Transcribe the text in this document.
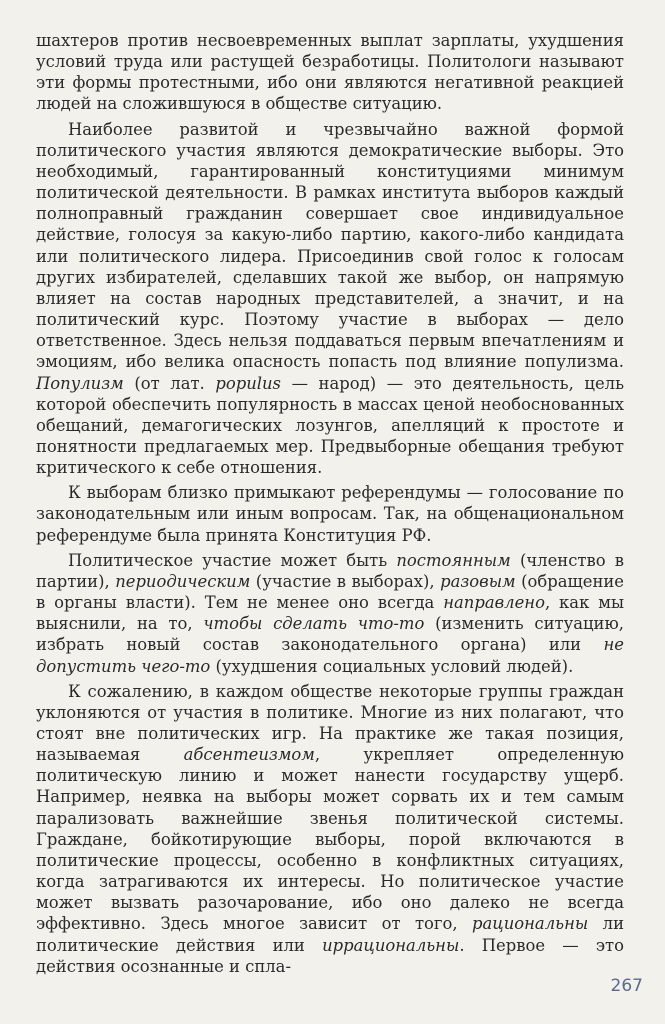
шахтеров против несвоевременных выплат зарплаты, ухудшения условий труда или растущей безработицы. Политологи называют эти формы протестными, ибо они являются негативной реакцией людей на сложившуюся в обществе ситуацию.

Наиболее развитой и чрезвычайно важной формой политического участия являются демократические выборы. Это необходимый, гарантированный конституциями минимум политической деятельности. В рамках института выборов каждый полноправный гражданин совершает свое индивидуальное действие, голосуя за какую-либо партию, какого-либо кандидата или политического лидера. Присоединив свой голос к голосам других избирателей, сделавших такой же выбор, он напрямую влияет на состав народных представителей, а значит, и на политический курс. Поэтому участие в выборах — дело ответственное. Здесь нельзя поддаваться первым впечатлениям и эмоциям, ибо велика опасность попасть под влияние популизма. Популизм (от лат. populus — народ) — это деятельность, цель которой обеспечить популярность в массах ценой необоснованных обещаний, демагогических лозунгов, апелляций к простоте и понятности предлагаемых мер. Предвыборные обещания требуют критического к себе отношения.

К выборам близко примыкают референдумы — голосование по законодательным или иным вопросам. Так, на общенациональном референдуме была принята Конституция РФ.

Политическое участие может быть постоянным (членство в партии), периодическим (участие в выборах), разовым (обращение в органы власти). Тем не менее оно всегда направлено, как мы выяснили, на то, чтобы сделать что-то (изменить ситуацию, избрать новый состав законодательного органа) или не допустить чего-то (ухудшения социальных условий людей).

К сожалению, в каждом обществе некоторые группы граждан уклоняются от участия в политике. Многие из них полагают, что стоят вне политических игр. На практике же такая позиция, называемая абсентеизмом, укрепляет определенную политическую линию и может нанести государству ущерб. Например, неявка на выборы может сорвать их и тем самым парализовать важнейшие звенья политической системы. Граждане, бойкотирующие выборы, порой включаются в политические процессы, особенно в конфликтных ситуациях, когда затрагиваются их интересы. Но политическое участие может вызвать разочарование, ибо оно далеко не всегда эффективно. Здесь многое зависит от того, рациональны ли политические действия или иррациональны. Первое — это действия осознанные и спла-

267
